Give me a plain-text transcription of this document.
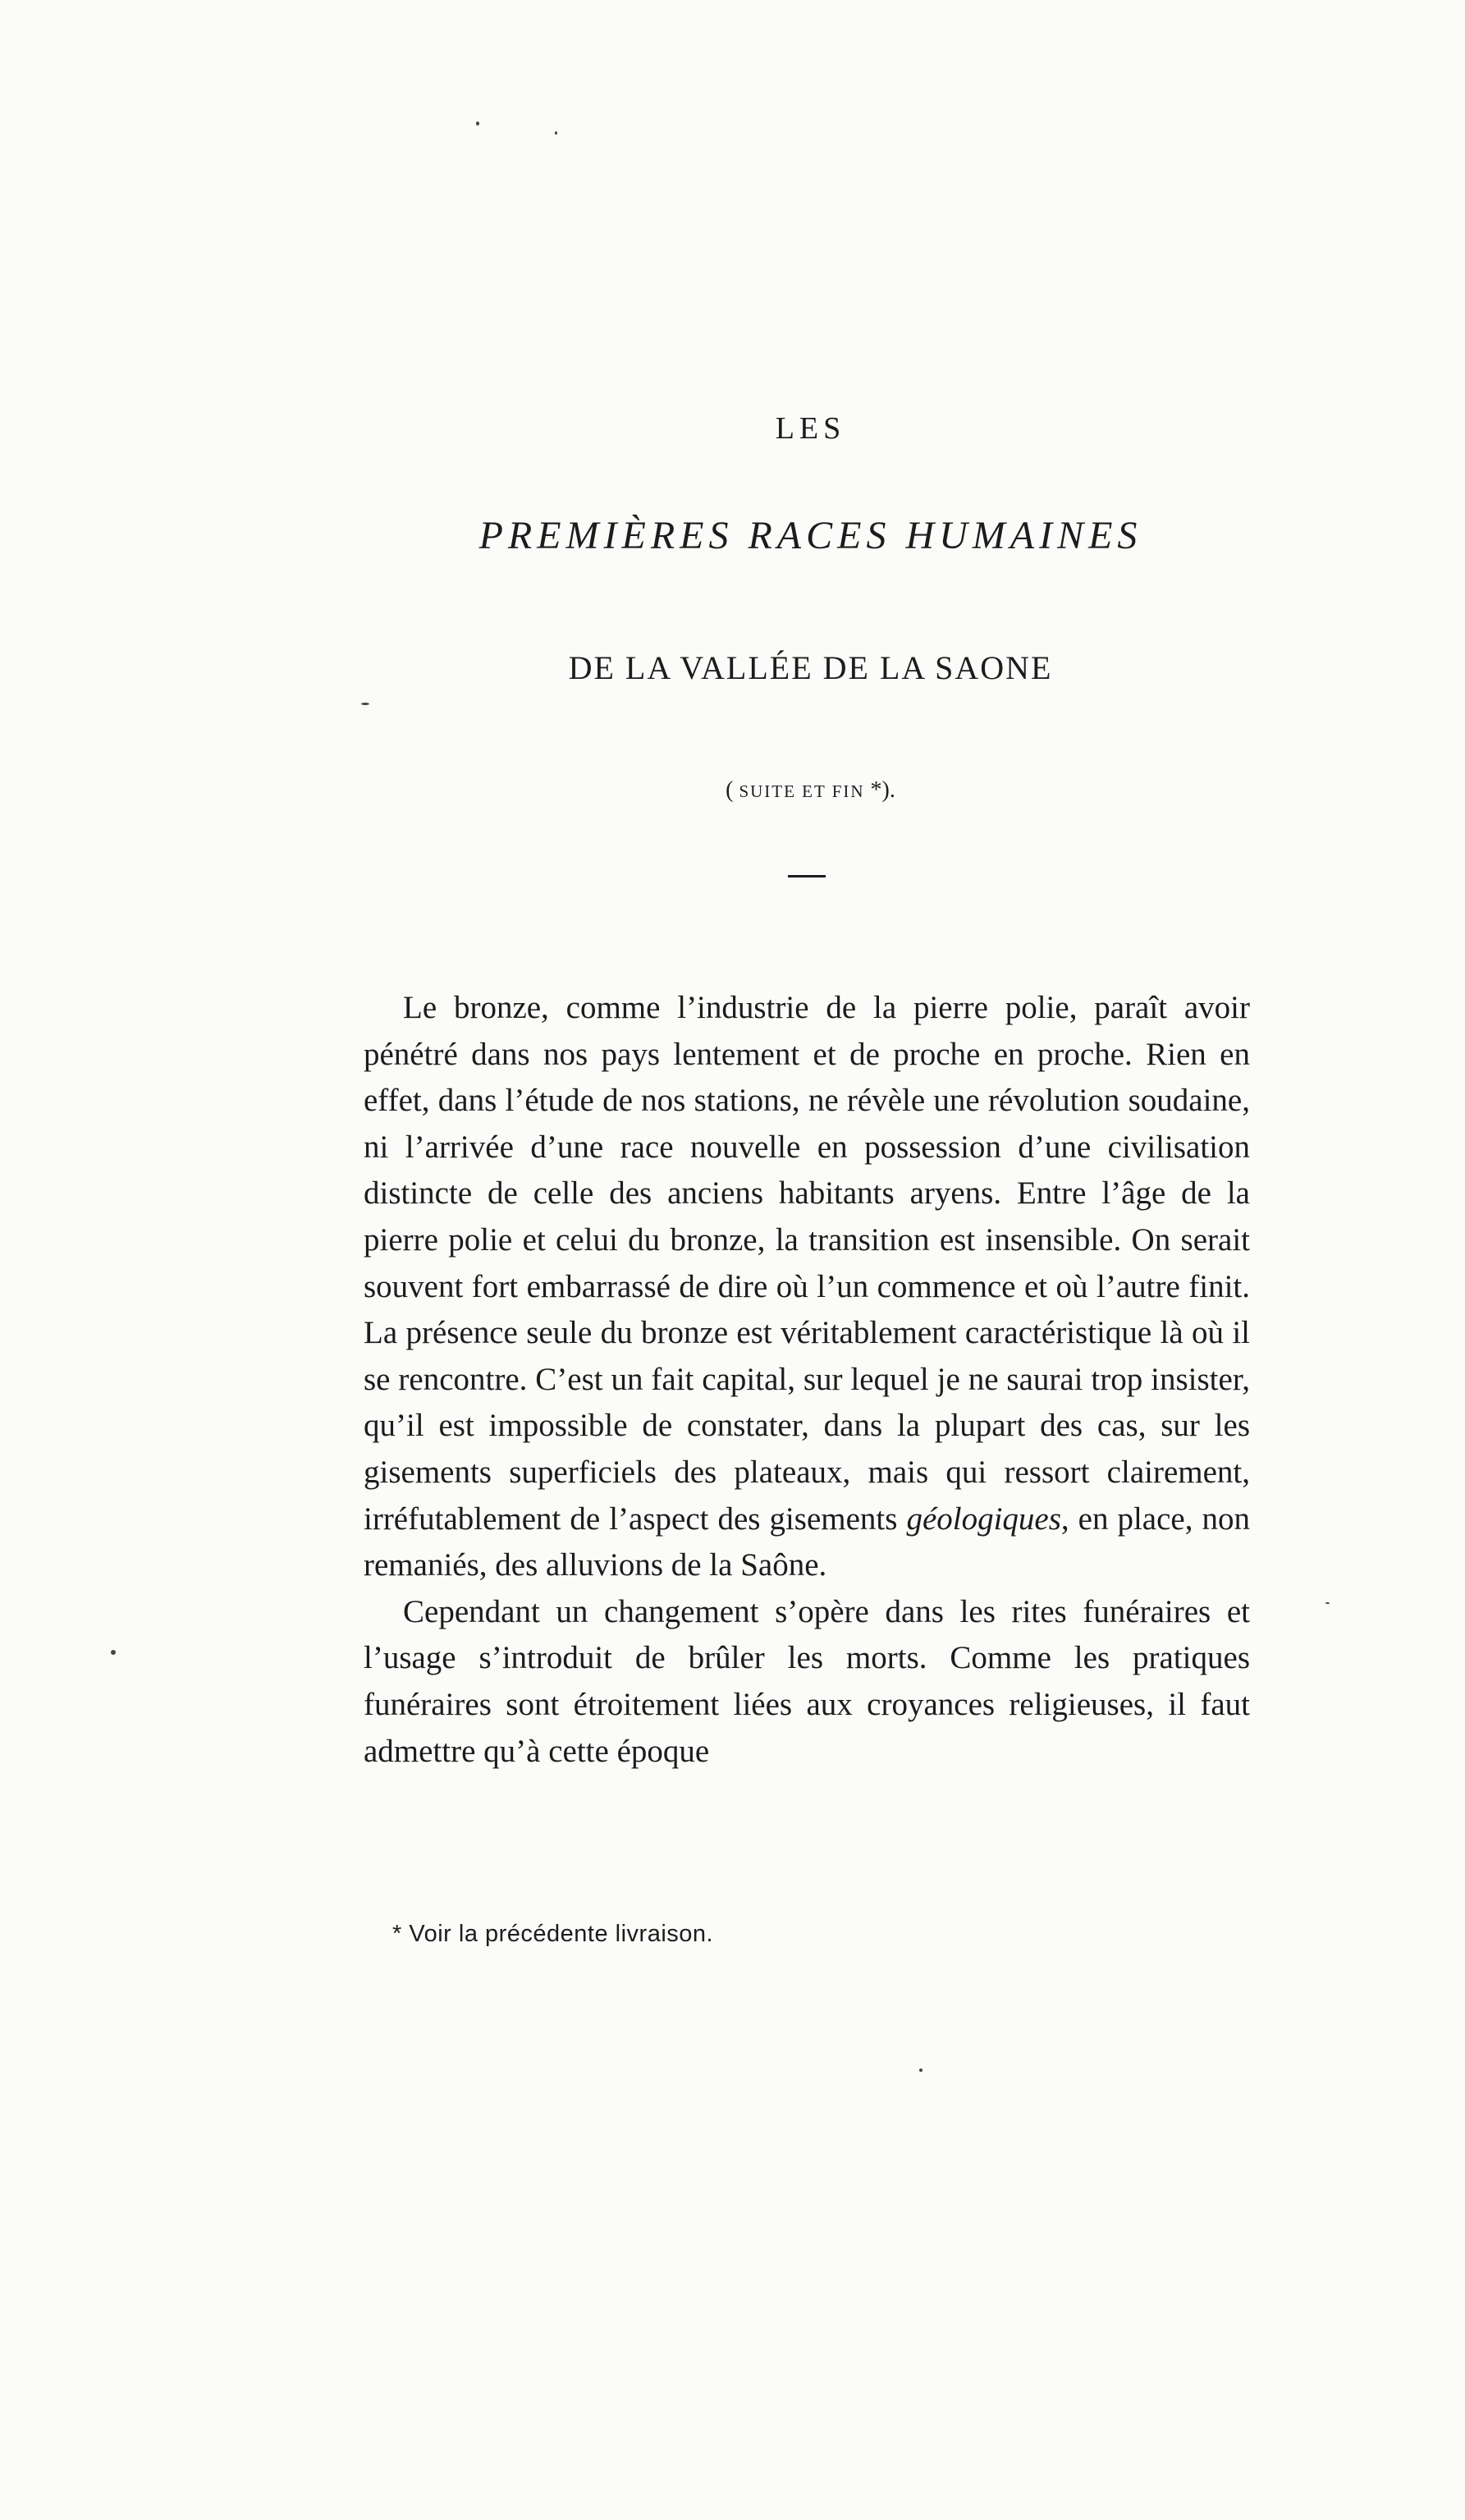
LES
PREMIÈRES RACES HUMAINES
DE LA VALLÉE DE LA SAONE
( SUITE ET FIN *).

Le bronze, comme l’industrie de la pierre polie, paraît avoir pénétré dans nos pays lentement et de proche en proche. Rien en effet, dans l’étude de nos stations, ne révèle une révolution soudaine, ni l’arrivée d’une race nouvelle en possession d’une civilisation distincte de celle des anciens habitants aryens. Entre l’âge de la pierre polie et celui du bronze, la transition est insensible. On serait souvent fort embarrassé de dire où l’un commence et où l’autre finit. La présence seule du bronze est véritablement caractéristique là où il se rencontre. C’est un fait capital, sur lequel je ne saurai trop insister, qu’il est impossible de constater, dans la plupart des cas, sur les gisements superficiels des plateaux, mais qui ressort clairement, irréfutablement de l’aspect des gisements géologiques, en place, non remaniés, des alluvions de la Saône.

Cependant un changement s’opère dans les rites funéraires et l’usage s’introduit de brûler les morts. Comme les pratiques funéraires sont étroitement liées aux croyances religieuses, il faut admettre qu’à cette époque

* Voir la précédente livraison.
